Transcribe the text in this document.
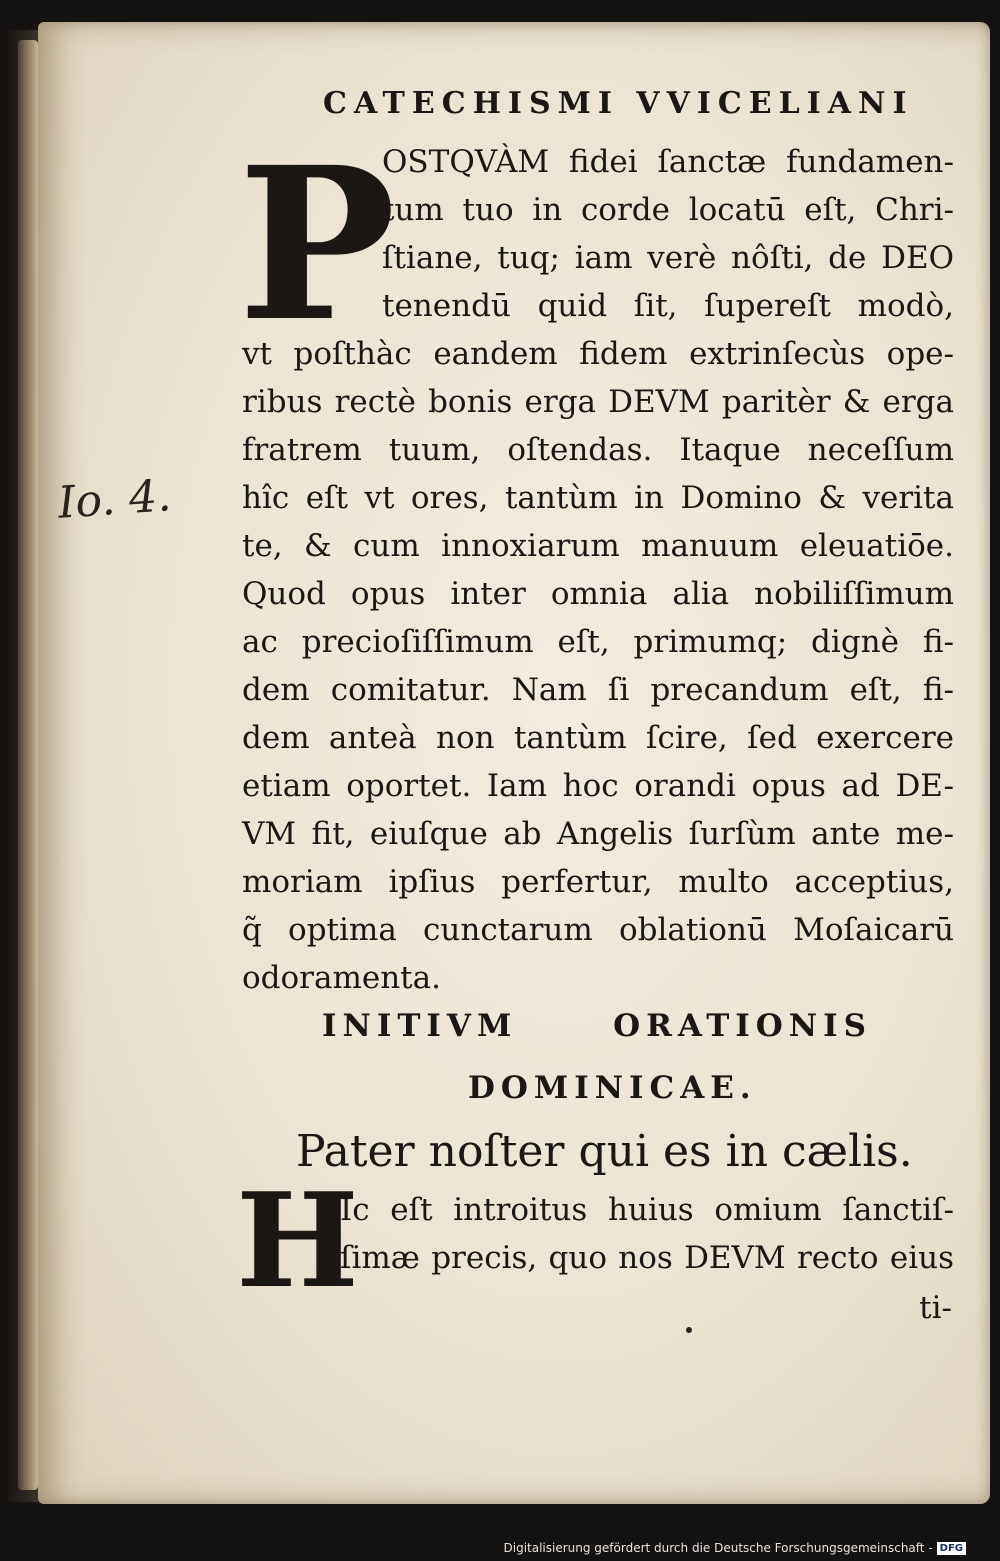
CATECHISMI VVICELIANI
P
OSTQVÀM fidei ſanctæ fundamen-
tum tuo in corde locatū eſt, Chri-
ſtiane, tuq; iam verè nôſti, de DEO
tenendū quid ſit, ſupereſt modò,
vt poſthàc eandem fidem extrinſecùs ope-
ribus rectè bonis erga DEVM paritèr & erga
fratrem tuum, oſtendas. Itaque neceſſum
hîc eſt vt ores, tantùm in Domino & verita
te, & cum innoxiarum manuum eleuatiōe.
Quod opus inter omnia alia nobiliſſimum
ac precioſiſſimum eſt, primumq; dignè fi-
dem comitatur. Nam ſi precandum eſt, fi-
dem anteà non tantùm ſcire, ſed exercere
etiam oportet. Iam hoc orandi opus ad DE-
VM fit, eiuſque ab Angelis ſurſùm ante me-
moriam ipſius perfertur, multo acceptius,
q̃ optima cunctarum oblationū Moſaicarū
odoramenta.
INITIVM ORATIONIS
DOMINICAE.
Pater noſter qui es in cælis.
H
Ic eſt introitus huius omium ſanctiſ-
ſimæ precis, quo nos DEVM recto eius
ti-
Io. 4.
Digitalisierung gefördert durch die Deutsche Forschungsgemeinschaft - DFG
